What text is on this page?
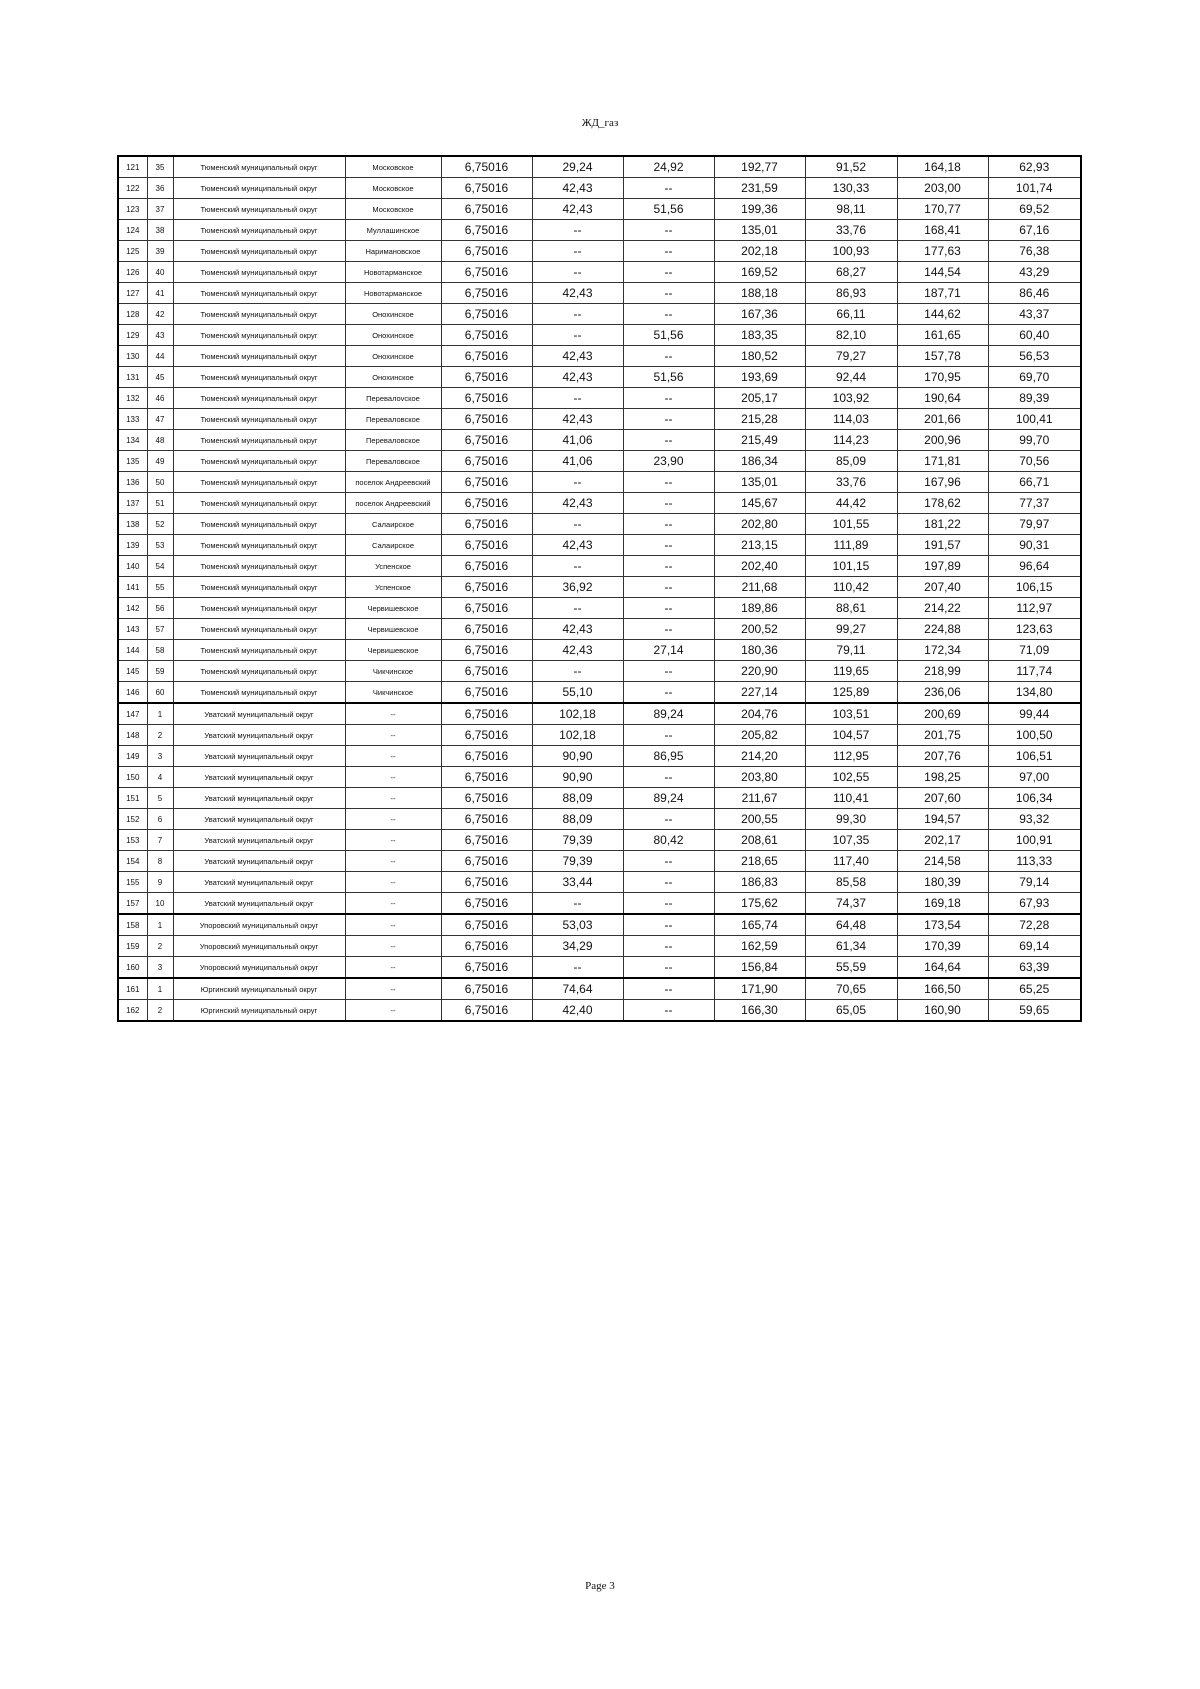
ЖД_газ
121	35	Тюменский муниципальный округ	Московское	6,75016	29,24	24,92	192,77	91,52	164,18	62,93
122	36	Тюменский муниципальный округ	Московское	6,75016	42,43	--	231,59	130,33	203,00	101,74
123	37	Тюменский муниципальный округ	Московское	6,75016	42,43	51,56	199,36	98,11	170,77	69,52
124	38	Тюменский муниципальный округ	Муллашинское	6,75016	--	--	135,01	33,76	168,41	67,16
125	39	Тюменский муниципальный округ	Наримановское	6,75016	--	--	202,18	100,93	177,63	76,38
126	40	Тюменский муниципальный округ	Новотарманское	6,75016	--	--	169,52	68,27	144,54	43,29
127	41	Тюменский муниципальный округ	Новотарманское	6,75016	42,43	--	188,18	86,93	187,71	86,46
128	42	Тюменский муниципальный округ	Онохинское	6,75016	--	--	167,36	66,11	144,62	43,37
129	43	Тюменский муниципальный округ	Онохинское	6,75016	--	51,56	183,35	82,10	161,65	60,40
130	44	Тюменский муниципальный округ	Онохинское	6,75016	42,43	--	180,52	79,27	157,78	56,53
131	45	Тюменский муниципальный округ	Онохинское	6,75016	42,43	51,56	193,69	92,44	170,95	69,70
132	46	Тюменский муниципальный округ	Перевалovское	6,75016	--	--	205,17	103,92	190,64	89,39
133	47	Тюменский муниципальный округ	Переваловское	6,75016	42,43	--	215,28	114,03	201,66	100,41
134	48	Тюменский муниципальный округ	Переваловское	6,75016	41,06	--	215,49	114,23	200,96	99,70
135	49	Тюменский муниципальный округ	Переваловское	6,75016	41,06	23,90	186,34	85,09	171,81	70,56
136	50	Тюменский муниципальный округ	поселок Андреевский	6,75016	--	--	135,01	33,76	167,96	66,71
137	51	Тюменский муниципальный округ	поселок Андреевский	6,75016	42,43	--	145,67	44,42	178,62	77,37
138	52	Тюменский муниципальный округ	Салаирское	6,75016	--	--	202,80	101,55	181,22	79,97
139	53	Тюменский муниципальный округ	Салаирское	6,75016	42,43	--	213,15	111,89	191,57	90,31
140	54	Тюменский муниципальный округ	Успенское	6,75016	--	--	202,40	101,15	197,89	96,64
141	55	Тюменский муниципальный округ	Успенское	6,75016	36,92	--	211,68	110,42	207,40	106,15
142	56	Тюменский муниципальный округ	Червишевское	6,75016	--	--	189,86	88,61	214,22	112,97
143	57	Тюменский муниципальный округ	Червишевское	6,75016	42,43	--	200,52	99,27	224,88	123,63
144	58	Тюменский муниципальный округ	Червишевское	6,75016	42,43	27,14	180,36	79,11	172,34	71,09
145	59	Тюменский муниципальный округ	Чикчинское	6,75016	--	--	220,90	119,65	218,99	117,74
146	60	Тюменский муниципальный округ	Чикчинское	6,75016	55,10	--	227,14	125,89	236,06	134,80
147	1	Уватский муниципальный округ	--	6,75016	102,18	89,24	204,76	103,51	200,69	99,44
148	2	Уватский муниципальный округ	--	6,75016	102,18	--	205,82	104,57	201,75	100,50
149	3	Уватский муниципальный округ	--	6,75016	90,90	86,95	214,20	112,95	207,76	106,51
150	4	Уватский муниципальный округ	--	6,75016	90,90	--	203,80	102,55	198,25	97,00
151	5	Уватский муниципальный округ	--	6,75016	88,09	89,24	211,67	110,41	207,60	106,34
152	6	Уватский муниципальный округ	--	6,75016	88,09	--	200,55	99,30	194,57	93,32
153	7	Уватский муниципальный округ	--	6,75016	79,39	80,42	208,61	107,35	202,17	100,91
154	8	Уватский муниципальный округ	--	6,75016	79,39	--	218,65	117,40	214,58	113,33
155	9	Уватский муниципальный округ	--	6,75016	33,44	--	186,83	85,58	180,39	79,14
157	10	Уватский муниципальный округ	--	6,75016	--	--	175,62	74,37	169,18	67,93
158	1	Упоровский муниципальный округ	--	6,75016	53,03	--	165,74	64,48	173,54	72,28
159	2	Упоровский муниципальный округ	--	6,75016	34,29	--	162,59	61,34	170,39	69,14
160	3	Упоровский муниципальный округ	--	6,75016	--	--	156,84	55,59	164,64	63,39
161	1	Юргинский муниципальный округ	--	6,75016	74,64	--	171,90	70,65	166,50	65,25
162	2	Юргинский муниципальный округ	--	6,75016	42,40	--	166,30	65,05	160,90	59,65
Page 3
